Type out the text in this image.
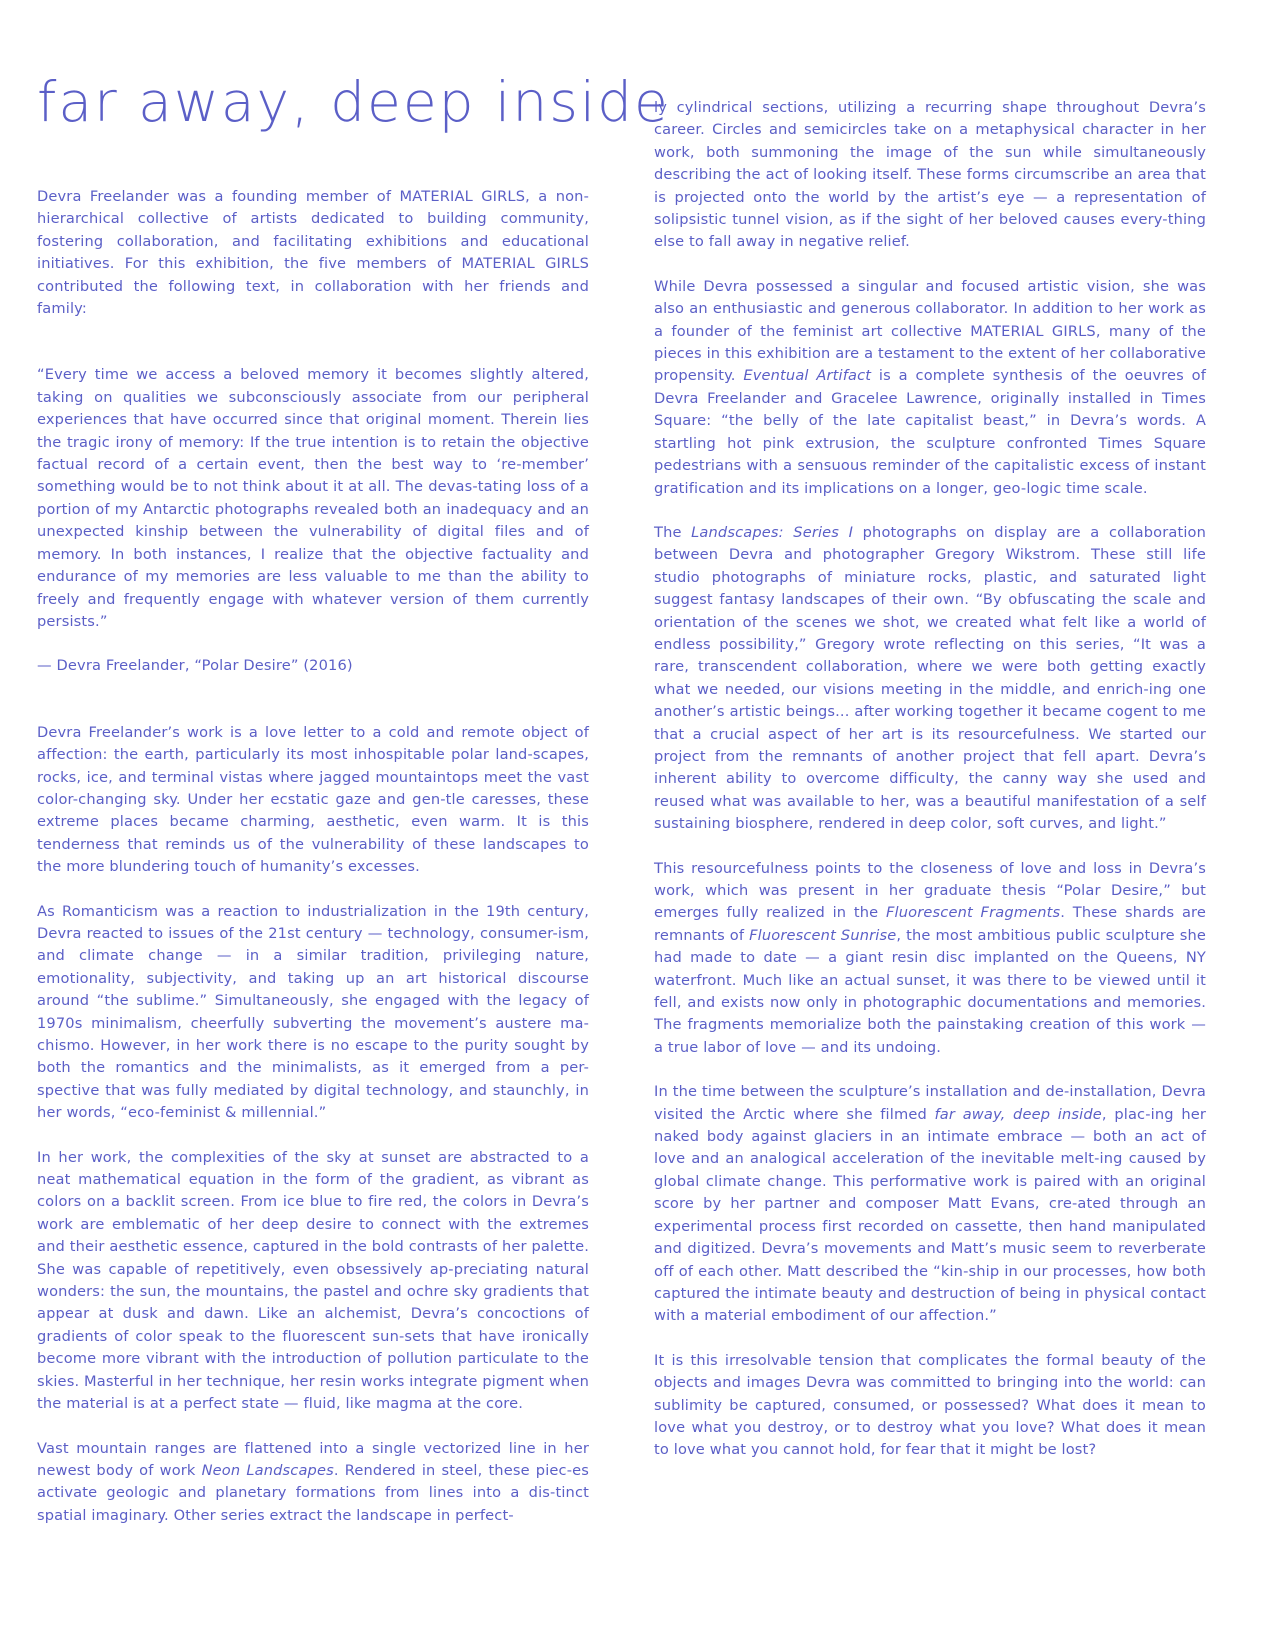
far away, deep inside

Devra Freelander was a founding member of MATERIAL GIRLS, a non-hierarchical collective of artists dedicated to building community, fostering collaboration, and facilitating exhibitions and educational initiatives. For this exhibition, the five members of MATERIAL GIRLS contributed the following text, in collaboration with her friends and family:

“Every time we access a beloved memory it becomes slightly altered, taking on qualities we subconsciously associate from our peripheral experiences that have occurred since that original moment. Therein lies the tragic irony of memory: If the true intention is to retain the objective factual record of a certain event, then the best way to ‘re-member’ something would be to not think about it at all. The devas-tating loss of a portion of my Antarctic photographs revealed both an inadequacy and an unexpected kinship between the vulnerability of digital files and of memory. In both instances, I realize that the objective factuality and endurance of my memories are less valuable to me than the ability to freely and frequently engage with whatever version of them currently persists.”

— Devra Freelander, “Polar Desire” (2016)

Devra Freelander’s work is a love letter to a cold and remote object of affection: the earth, particularly its most inhospitable polar land-scapes, rocks, ice, and terminal vistas where jagged mountaintops meet the vast color-changing sky. Under her ecstatic gaze and gen-tle caresses, these extreme places became charming, aesthetic, even warm. It is this tenderness that reminds us of the vulnerability of these landscapes to the more blundering touch of humanity’s excesses.

As Romanticism was a reaction to industrialization in the 19th century, Devra reacted to issues of the 21st century — technology, consumer-ism, and climate change — in a similar tradition, privileging nature, emotionality, subjectivity, and taking up an art historical discourse around “the sublime.” Simultaneously, she engaged with the legacy of 1970s minimalism, cheerfully subverting the movement’s austere ma-chismo. However, in her work there is no escape to the purity sought by both the romantics and the minimalists, as it emerged from a per-spective that was fully mediated by digital technology, and staunchly, in her words, “eco-feminist & millennial.”

In her work, the complexities of the sky at sunset are abstracted to a neat mathematical equation in the form of the gradient, as vibrant as colors on a backlit screen. From ice blue to fire red, the colors in Devra’s work are emblematic of her deep desire to connect with the extremes and their aesthetic essence, captured in the bold contrasts of her palette. She was capable of repetitively, even obsessively ap-preciating natural wonders: the sun, the mountains, the pastel and ochre sky gradients that appear at dusk and dawn. Like an alchemist, Devra’s concoctions of gradients of color speak to the fluorescent sun-sets that have ironically become more vibrant with the introduction of pollution particulate to the skies. Masterful in her technique, her resin works integrate pigment when the material is at a perfect state — fluid, like magma at the core.

Vast mountain ranges are flattened into a single vectorized line in her newest body of work Neon Landscapes. Rendered in steel, these piec-es activate geologic and planetary formations from lines into a dis-tinct spatial imaginary. Other series extract the landscape in perfect-

ly cylindrical sections, utilizing a recurring shape throughout Devra’s career. Circles and semicircles take on a metaphysical character in her work, both summoning the image of the sun while simultaneously describing the act of looking itself. These forms circumscribe an area that is projected onto the world by the artist’s eye — a representation of solipsistic tunnel vision, as if the sight of her beloved causes every-thing else to fall away in negative relief.

While Devra possessed a singular and focused artistic vision, she was also an enthusiastic and generous collaborator. In addition to her work as a founder of the feminist art collective MATERIAL GIRLS, many of the pieces in this exhibition are a testament to the extent of her collaborative propensity. Eventual Artifact is a complete synthesis of the oeuvres of Devra Freelander and Gracelee Lawrence, originally installed in Times Square: “the belly of the late capitalist beast,” in Devra’s words. A startling hot pink extrusion, the sculpture confronted Times Square pedestrians with a sensuous reminder of the capitalistic excess of instant gratification and its implications on a longer, geo-logic time scale.

The Landscapes: Series I photographs on display are a collaboration between Devra and photographer Gregory Wikstrom. These still life studio photographs of miniature rocks, plastic, and saturated light suggest fantasy landscapes of their own. “By obfuscating the scale and orientation of the scenes we shot, we created what felt like a world of endless possibility,” Gregory wrote reflecting on this series, “It was a rare, transcendent collaboration, where we were both getting exactly what we needed, our visions meeting in the middle, and enrich-ing one another’s artistic beings... after working together it became cogent to me that a crucial aspect of her art is its resourcefulness. We started our project from the remnants of another project that fell apart. Devra’s inherent ability to overcome difficulty, the canny way she used and reused what was available to her, was a beautiful manifestation of a self sustaining biosphere, rendered in deep color, soft curves, and light.”

This resourcefulness points to the closeness of love and loss in Devra’s work, which was present in her graduate thesis “Polar Desire,” but emerges fully realized in the Fluorescent Fragments. These shards are remnants of Fluorescent Sunrise, the most ambitious public sculpture she had made to date — a giant resin disc implanted on the Queens, NY waterfront. Much like an actual sunset, it was there to be viewed until it fell, and exists now only in photographic documentations and memories. The fragments memorialize both the painstaking creation of this work — a true labor of love — and its undoing.

In the time between the sculpture’s installation and de-installation, Devra visited the Arctic where she filmed far away, deep inside, plac-ing her naked body against glaciers in an intimate embrace — both an act of love and an analogical acceleration of the inevitable melt-ing caused by global climate change. This performative work is paired with an original score by her partner and composer Matt Evans, cre-ated through an experimental process first recorded on cassette, then hand manipulated and digitized. Devra’s movements and Matt’s music seem to reverberate off of each other. Matt described the “kin-ship in our processes, how both captured the intimate beauty and destruction of being in physical contact with a material embodiment of our affection.”

It is this irresolvable tension that complicates the formal beauty of the objects and images Devra was committed to bringing into the world: can sublimity be captured, consumed, or possessed? What does it mean to love what you destroy, or to destroy what you love? What does it mean to love what you cannot hold, for fear that it might be lost?
